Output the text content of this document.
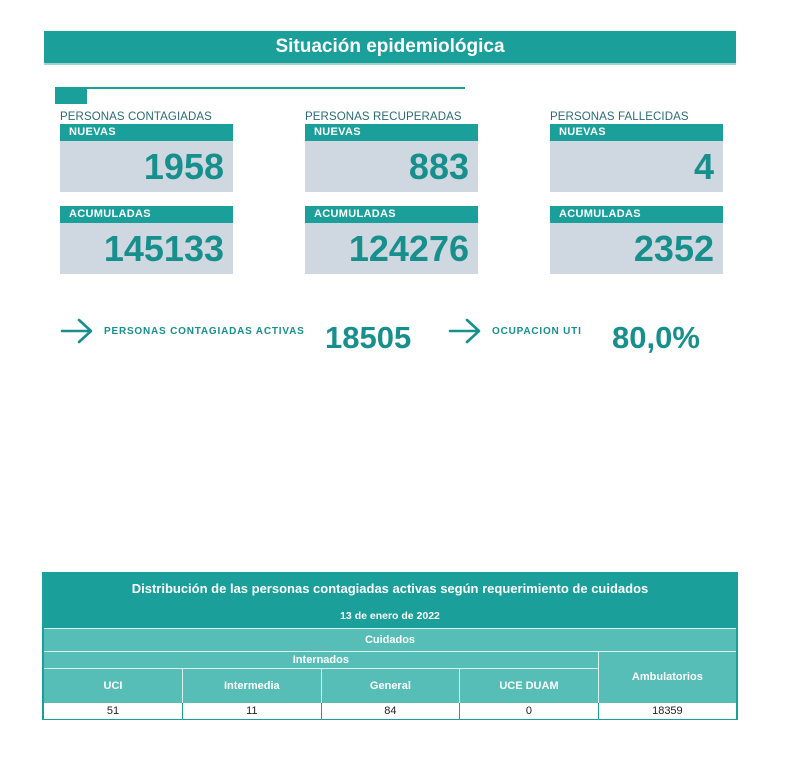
Situación epidemiológica
PERSONAS CONTAGIADAS
NUEVAS
1958
ACUMULADAS
145133
PERSONAS RECUPERADAS
NUEVAS
883
ACUMULADAS
124276
PERSONAS FALLECIDAS
NUEVAS
4
ACUMULADAS
2352
PERSONAS CONTAGIADAS ACTIVAS 18505	OCUPACION UTI 80,0%
Distribución de las personas contagiadas activas según requerimiento de cuidados
13 de enero de 2022
Cuidados				
Internados				Ambulatorios
UCI	Intermedia	General	UCE DUAM	
51	11	84	0	18359
